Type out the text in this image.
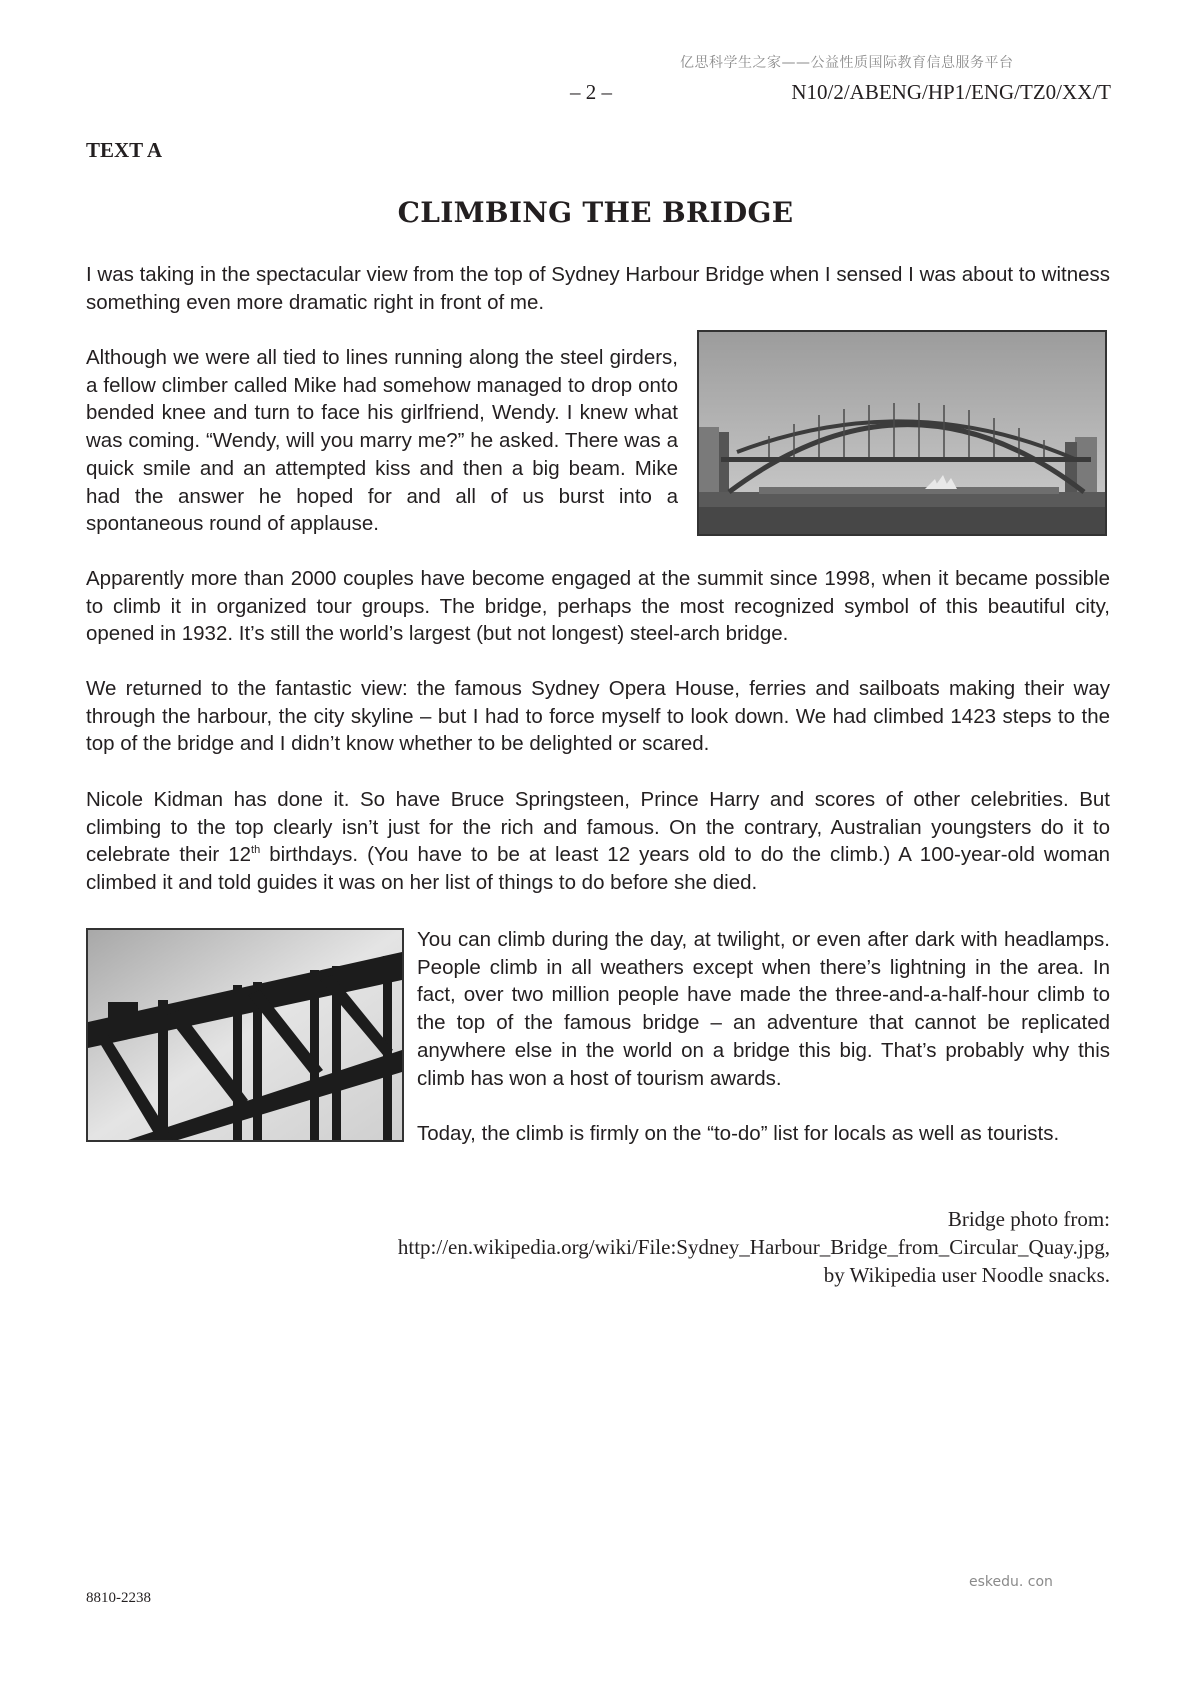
亿思科学生之家——公益性质国际教育信息服务平台
– 2 –	N10/2/ABENG/HP1/ENG/TZ0/XX/T
TEXT A
CLIMBING THE BRIDGE

I was taking in the spectacular view from the top of Sydney Harbour Bridge when I sensed I was about to witness something even more dramatic right in front of me.

Although we were all tied to lines running along the steel girders, a fellow climber called Mike had somehow managed to drop onto bended knee and turn to face his girlfriend, Wendy. I knew what was coming. “Wendy, will you marry me?” he asked. There was a quick smile and an attempted kiss and then a big beam. Mike had the answer he hoped for and all of us burst into a spontaneous round of applause.

Apparently more than 2000 couples have become engaged at the summit since 1998, when it became possible to climb it in organized tour groups. The bridge, perhaps the most recognized symbol of this beautiful city, opened in 1932. It’s still the world’s largest (but not longest) steel-arch bridge.

We returned to the fantastic view: the famous Sydney Opera House, ferries and sailboats making their way through the harbour, the city skyline – but I had to force myself to look down. We had climbed 1423 steps to the top of the bridge and I didn’t know whether to be delighted or scared.

Nicole Kidman has done it. So have Bruce Springsteen, Prince Harry and scores of other celebrities. But climbing to the top clearly isn’t just for the rich and famous. On the contrary, Australian youngsters do it to celebrate their 12th birthdays. (You have to be at least 12 years old to do the climb.) A 100-year-old woman climbed it and told guides it was on her list of things to do before she died.

You can climb during the day, at twilight, or even after dark with headlamps. People climb in all weathers except when there’s lightning in the area. In fact, over two million people have made the three-and-a-half-hour climb to the top of the famous bridge – an adventure that cannot be replicated anywhere else in the world on a bridge this big. That’s probably why this climb has won a host of tourism awards.

Today, the climb is firmly on the “to-do” list for locals as well as tourists.

Bridge photo from:
http://en.wikipedia.org/wiki/File:Sydney_Harbour_Bridge_from_Circular_Quay.jpg,
by Wikipedia user Noodle snacks.
8810-2238
eskedu. con
